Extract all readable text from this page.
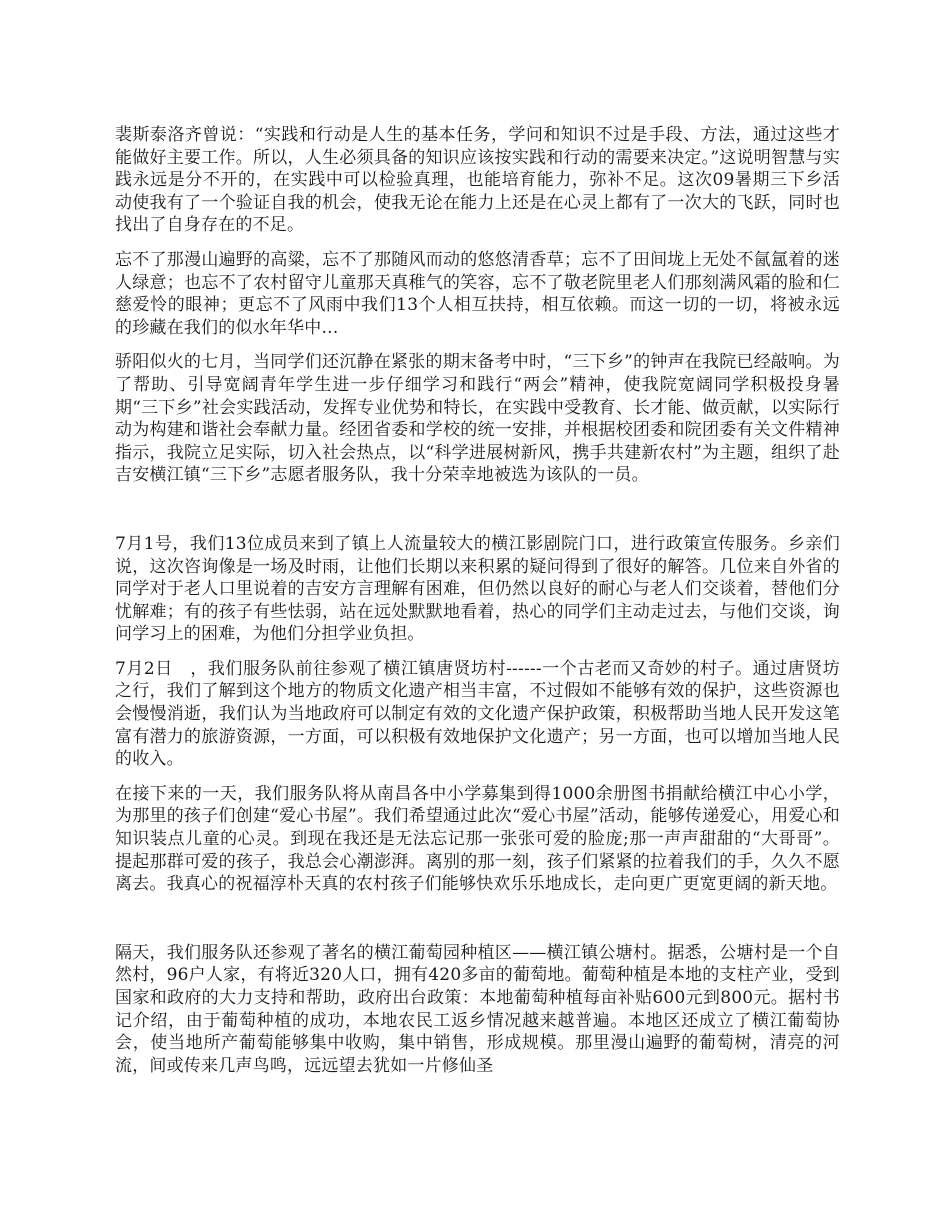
裴斯泰洛齐曾说：“实践和行动是人生的基本任务，学问和知识不过是手段、方法，通过这些才能做好主要工作。所以，人生必须具备的知识应该按实践和行动的需要来决定。”这说明智慧与实践永远是分不开的，在实践中可以检验真理，也能培育能力，弥补不足。这次09暑期三下乡活动使我有了一个验证自我的机会，使我无论在能力上还是在心灵上都有了一次大的飞跃，同时也找出了自身存在的不足。

忘不了那漫山遍野的高粱，忘不了那随风而动的悠悠清香草；忘不了田间垅上无处不氤氲着的迷人绿意；也忘不了农村留守儿童那天真稚气的笑容，忘不了敬老院里老人们那刻满风霜的脸和仁慈爱怜的眼神；更忘不了风雨中我们13个人相互扶持，相互依赖。而这一切的一切，将被永远的珍藏在我们的似水年华中…

骄阳似火的七月，当同学们还沉静在紧张的期末备考中时，“三下乡”的钟声在我院已经敲响。为了帮助、引导宽阔青年学生进一步仔细学习和践行“两会”精神，使我院宽阔同学积极投身暑期“三下乡”社会实践活动，发挥专业优势和特长，在实践中受教育、长才能、做贡献，以实际行动为构建和谐社会奉献力量。经团省委和学校的统一安排，并根据校团委和院团委有关文件精神指示，我院立足实际，切入社会热点，以“科学进展树新风，携手共建新农村”为主题，组织了赴吉安横江镇“三下乡”志愿者服务队，我十分荣幸地被选为该队的一员。

7月1号，我们13位成员来到了镇上人流量较大的横江影剧院门口，进行政策宣传服务。乡亲们说，这次咨询像是一场及时雨，让他们长期以来积累的疑问得到了很好的解答。几位来自外省的同学对于老人口里说着的吉安方言理解有困难，但仍然以良好的耐心与老人们交谈着，替他们分忧解难；有的孩子有些怯弱，站在远处默默地看着，热心的同学们主动走过去，与他们交谈，询问学习上的困难，为他们分担学业负担。

7月2日　，我们服务队前往参观了横江镇唐贤坊村------一个古老而又奇妙的村子。通过唐贤坊之行，我们了解到这个地方的物质文化遗产相当丰富，不过假如不能够有效的保护，这些资源也会慢慢消逝，我们认为当地政府可以制定有效的文化遗产保护政策，积极帮助当地人民开发这笔富有潜力的旅游资源，一方面，可以积极有效地保护文化遗产；另一方面，也可以增加当地人民的收入。

在接下来的一天，我们服务队将从南昌各中小学募集到得1000余册图书捐献给横江中心小学，为那里的孩子们创建“爱心书屋”。我们希望通过此次“爱心书屋”活动，能够传递爱心，用爱心和知识装点儿童的心灵。到现在我还是无法忘记那一张张可爱的脸庞;那一声声甜甜的“大哥哥”。提起那群可爱的孩子，我总会心潮澎湃。离别的那一刻，孩子们紧紧的拉着我们的手，久久不愿离去。我真心的祝福淳朴天真的农村孩子们能够快欢乐乐地成长，走向更广更宽更阔的新天地。

隔天，我们服务队还参观了著名的横江葡萄园种植区——横江镇公塘村。据悉，公塘村是一个自然村，96户人家，有将近320人口，拥有420多亩的葡萄地。葡萄种植是本地的支柱产业，受到国家和政府的大力支持和帮助，政府出台政策：本地葡萄种植每亩补贴600元到800元。据村书记介绍，由于葡萄种植的成功，本地农民工返乡情况越来越普遍。本地区还成立了横江葡萄协会，使当地所产葡萄能够集中收购，集中销售，形成规模。那里漫山遍野的葡萄树，清亮的河流，间或传来几声鸟鸣，远远望去犹如一片修仙圣
